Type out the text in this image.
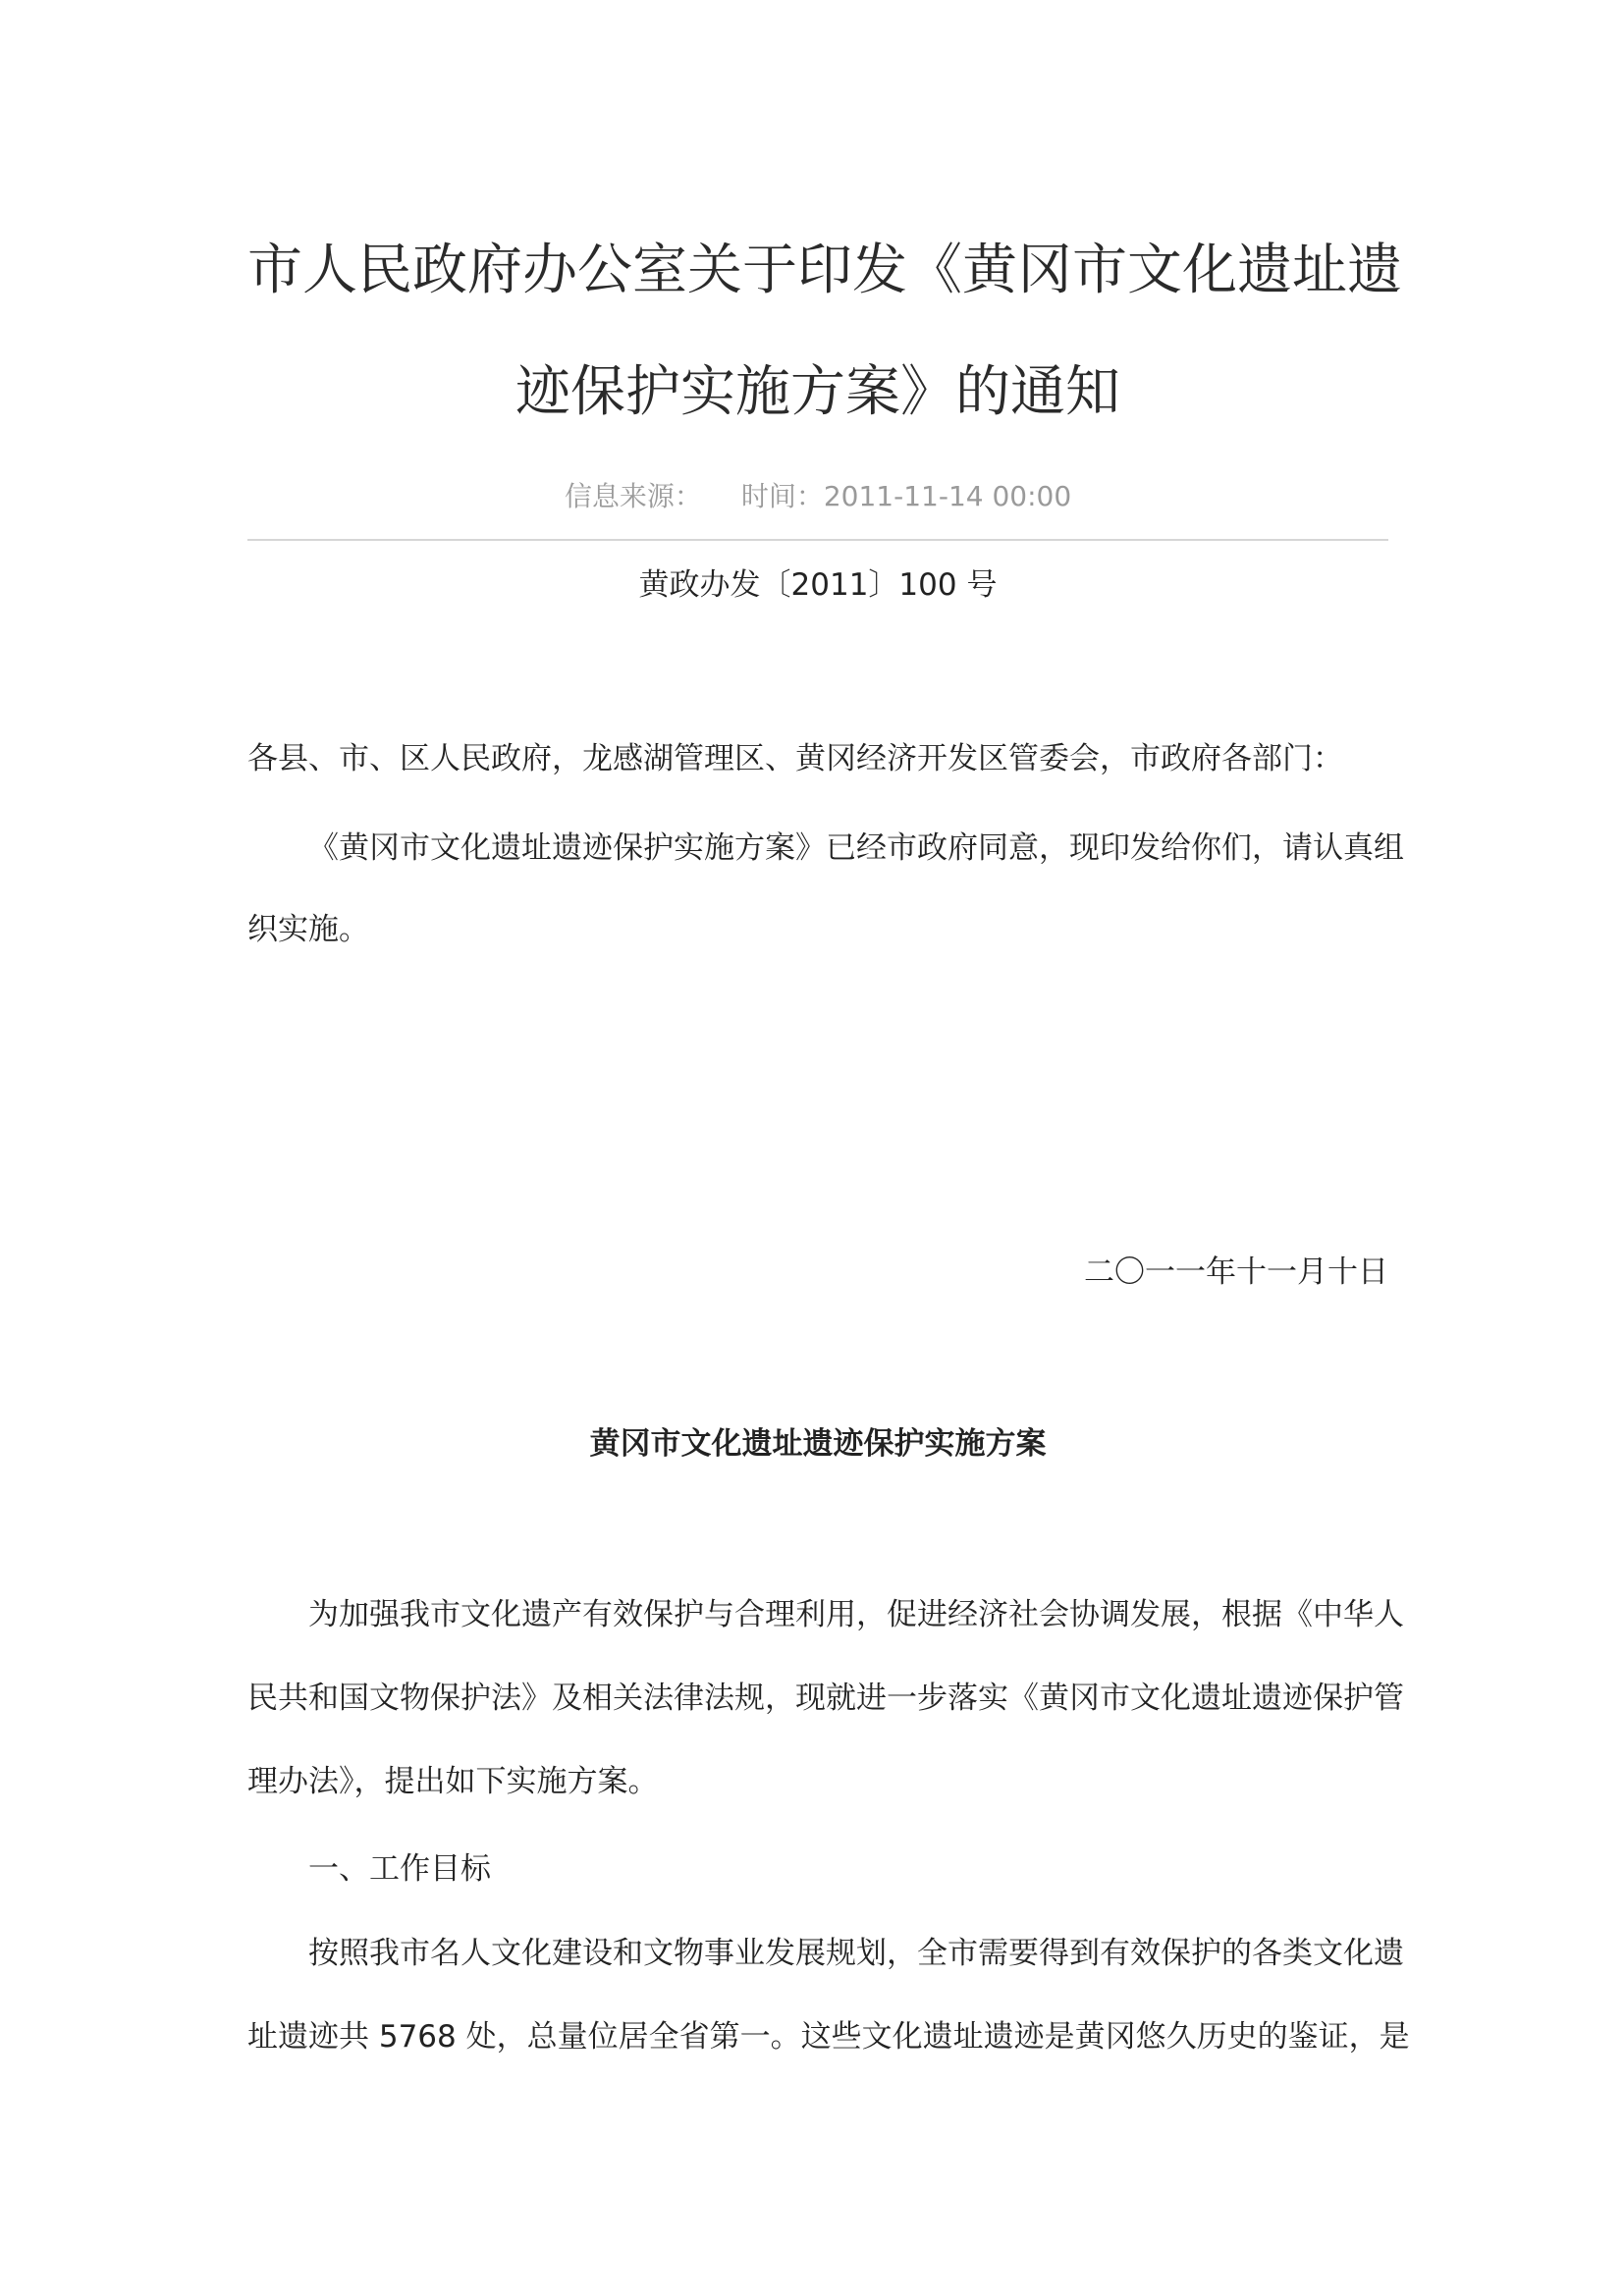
市人民政府办公室关于印发《黄冈市文化遗址遗
迹保护实施方案》的通知
信息来源： 时间：2011-11-14 00:00
黄政办发〔2011〕100 号
各县、市、区人民政府，龙感湖管理区、黄冈经济开发区管委会，市政府各部门：
《黄冈市文化遗址遗迹保护实施方案》已经市政府同意，现印发给你们，请认真组
织实施。
二〇一一年十一月十日
黄冈市文化遗址遗迹保护实施方案
为加强我市文化遗产有效保护与合理利用，促进经济社会协调发展，根据《中华人
民共和国文物保护法》及相关法律法规，现就进一步落实《黄冈市文化遗址遗迹保护管
理办法》，提出如下实施方案。
一、工作目标
按照我市名人文化建设和文物事业发展规划，全市需要得到有效保护的各类文化遗
址遗迹共 5768 处，总量位居全省第一。这些文化遗址遗迹是黄冈悠久历史的鉴证，是
